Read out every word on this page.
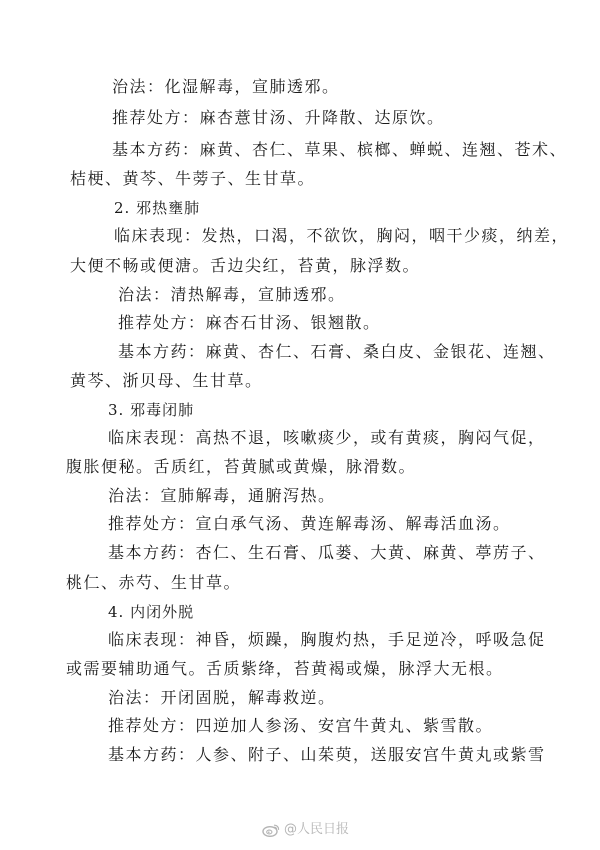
治法：化湿解毒，宣肺透邪。
推荐处方：麻杏薏甘汤、升降散、达原饮。
基本方药：麻黄、杏仁、草果、槟榔、蝉蜕、连翘、苍术、
桔梗、黄芩、牛蒡子、生甘草。
2. 邪热壅肺
临床表现：发热，口渴，不欲饮，胸闷，咽干少痰，纳差，
大便不畅或便溏。舌边尖红，苔黄，脉浮数。
治法：清热解毒，宣肺透邪。
推荐处方：麻杏石甘汤、银翘散。
基本方药：麻黄、杏仁、石膏、桑白皮、金银花、连翘、
黄芩、浙贝母、生甘草。
3. 邪毒闭肺
临床表现：高热不退，咳嗽痰少，或有黄痰，胸闷气促，
腹胀便秘。舌质红，苔黄腻或黄燥，脉滑数。
治法：宣肺解毒，通腑泻热。
推荐处方：宣白承气汤、黄连解毒汤、解毒活血汤。
基本方药：杏仁、生石膏、瓜蒌、大黄、麻黄、葶苈子、
桃仁、赤芍、生甘草。
4. 内闭外脱
临床表现：神昏，烦躁，胸腹灼热，手足逆冷，呼吸急促
或需要辅助通气。舌质紫绛，苔黄褐或燥，脉浮大无根。
治法：开闭固脱，解毒救逆。
推荐处方：四逆加人参汤、安宫牛黄丸、紫雪散。
基本方药：人参、附子、山茱萸，送服安宫牛黄丸或紫雪
@人民日报
